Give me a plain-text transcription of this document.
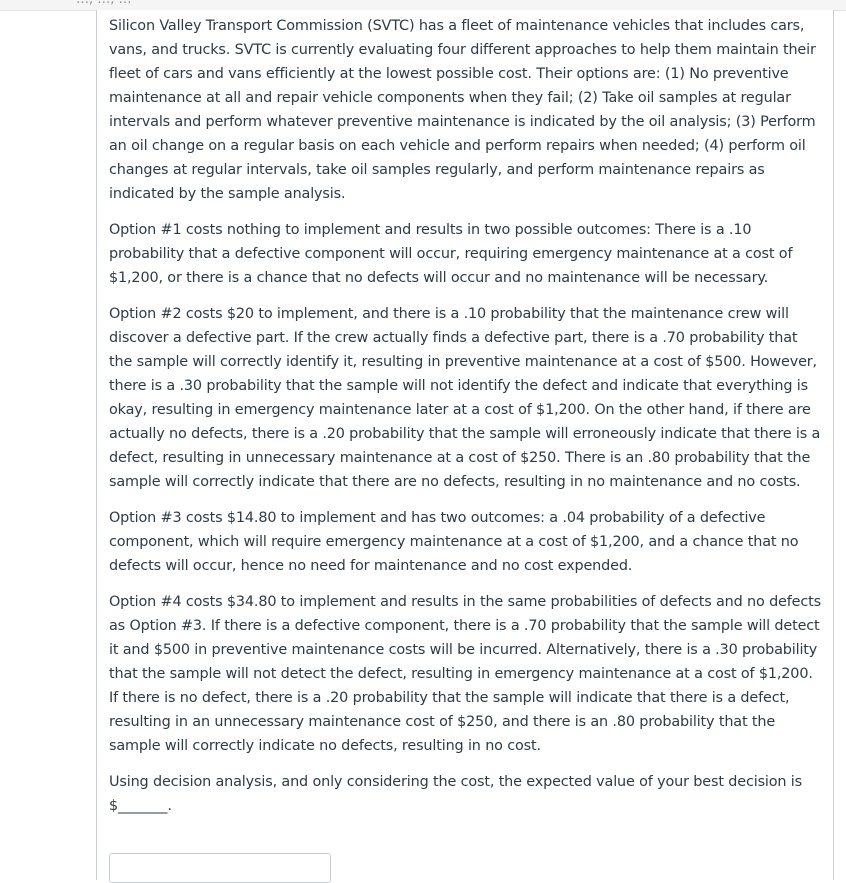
Silicon Valley Transport Commission (SVTC) has a fleet of maintenance vehicles that includes cars, vans, and trucks. SVTC is currently evaluating four different approaches to help them maintain their fleet of cars and vans efficiently at the lowest possible cost. Their options are: (1) No preventive maintenance at all and repair vehicle components when they fail; (2) Take oil samples at regular intervals and perform whatever preventive maintenance is indicated by the oil analysis; (3) Perform an oil change on a regular basis on each vehicle and perform repairs when needed; (4) perform oil changes at regular intervals, take oil samples regularly, and perform maintenance repairs as indicated by the sample analysis.

Option #1 costs nothing to implement and results in two possible outcomes: There is a .10 probability that a defective component will occur, requiring emergency maintenance at a cost of $1,200, or there is a chance that no defects will occur and no maintenance will be necessary.

Option #2 costs $20 to implement, and there is a .10 probability that the maintenance crew will discover a defective part. If the crew actually finds a defective part, there is a .70 probability that the sample will correctly identify it, resulting in preventive maintenance at a cost of $500. However, there is a .30 probability that the sample will not identify the defect and indicate that everything is okay, resulting in emergency maintenance later at a cost of $1,200. On the other hand, if there are actually no defects, there is a .20 probability that the sample will erroneously indicate that there is a defect, resulting in unnecessary maintenance at a cost of $250. There is an .80 probability that the sample will correctly indicate that there are no defects, resulting in no maintenance and no costs.

Option #3 costs $14.80 to implement and has two outcomes: a .04 probability of a defective component, which will require emergency maintenance at a cost of $1,200, and a chance that no defects will occur, hence no need for maintenance and no cost expended.

Option #4 costs $34.80 to implement and results in the same probabilities of defects and no defects as Option #3. If there is a defective component, there is a .70 probability that the sample will detect it and $500 in preventive maintenance costs will be incurred. Alternatively, there is a .30 probability that the sample will not detect the defect, resulting in emergency maintenance at a cost of $1,200. If there is no defect, there is a .20 probability that the sample will indicate that there is a defect, resulting in an unnecessary maintenance cost of $250, and there is an .80 probability that the sample will correctly indicate no defects, resulting in no cost.

Using decision analysis, and only considering the cost, the expected value of your best decision is
$_______.
